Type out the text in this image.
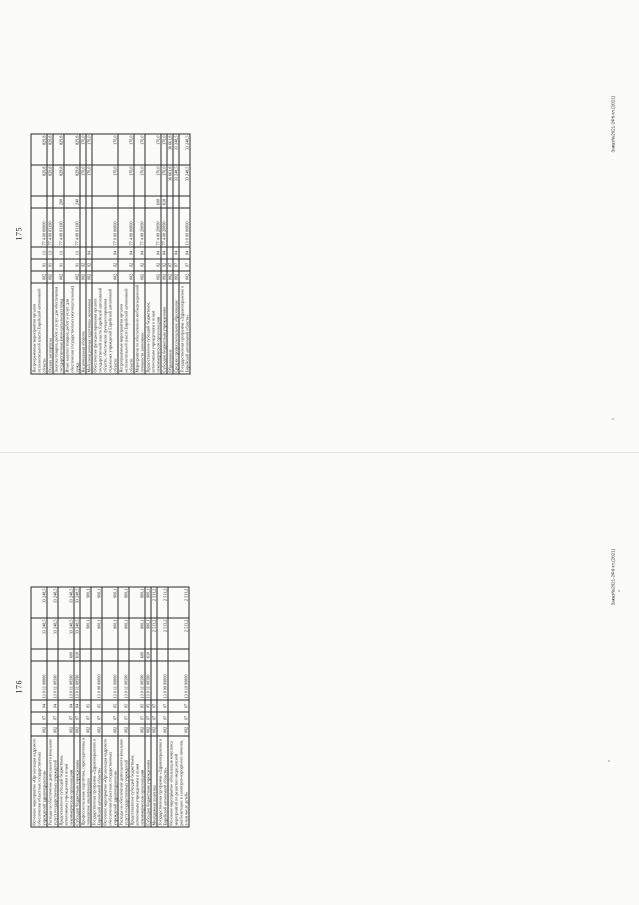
175
Непрограммные мероприятия органов исполнительной власти Еврейской автономной области	002	01	13	77 4 00 00000		829,8	829,8
Оплата экспертизы	002	01	13	77 4 00 03190		829,8	829,8
Закупка товаров, работ и услуг для обеспечения государственных (муниципальных) нужд	002	01	13	77 4 00 03190	200	829,8	829,8
Иные закупки товаров, работ и услуг для обеспечения государственных (муниципальных) нужд	002	01	13	77 4 00 03190	240	829,8	829,8
Национальная оборона	002	02				170,0	170,0
Мобилизационная подготовка экономики	002	02	04			170,0	170,0
Обеспечение функционирования органов государственной власти Еврейской автономной области, обеспечение функционирования отдельных учреждений Еврейской автономной области	002	02	04	77 0 00 00000		170,0	170,0
Непрограммные мероприятия органов исполнительной власти Еврейской автономной области	002	02	04	77 4 00 00000		170,0	170,0
Мероприятия по обеспечению мобилизационной готовности экономики	002	02	04	77 4 00 20090		170,0	170,0
Предоставление субсидий бюджетным, автономным учреждениям и иным некоммерческим организациям	002	02	04	77 4 00 20090	600	170,0	170,0
Субсидии бюджетным учреждениям	002	02	04	77 4 00 20090	610	170,0	170,0
Образование	002	07				36 661,8	36 661,8
Среднее профессиональное образование	002	07	04			33 248,5	33 248,5
Государственная программа «Здравоохранение в Еврейской автономной области»	002	07	04	13 0 00 00000		33 248,5	33 248,5	Заказ№2021-2ФК-гл.(2021)
176
Основное мероприятие «Организация кадрового обеспечения областных государственных учреждений здравоохранения»	002	07	04	13 0 11 00000		33 248,5	33 248,5
Расходы на обеспечение деятельности (оказание услуг) государственных учреждений	002	07	04	13 0 11 00590		33 248,5	33 248,5
Предоставление субсидий бюджетным, автономным учреждениям и иным некоммерческим организациям	002	07	04	13 0 11 00590	600	33 248,5	33 248,5
Субсидии бюджетным учреждениям	002	07	04	13 0 11 00590	610	33 248,5	33 248,5
Профессиональная подготовка, переподготовка и повышение квалификации	002	07	05			900,1	900,1
Государственная программа «Здравоохранение в Еврейской автономной области»	002	07	05	13 0 00 00000		900,1	900,1
Основное мероприятие «Организация кадрового обеспечения областных государственных учреждений здравоохранения»	002	07	05	13 0 11 00000		900,1	900,1
Расходы на обеспечение деятельности (оказание услуг) государственных учреждений	002	07	05	13 0 11 00590		900,1	900,1
Предоставление субсидий бюджетным, автономным учреждениям и иным некоммерческим организациям	002	07	05	13 0 11 00590	600	900,1	900,1
Субсидии бюджетным учреждениям	002	07	05	13 0 11 00590	610	900,1	900,1
Молодежная политика	002	07	07			2 513,2	2 513,2
Государственная программа «Здравоохранение в Еврейской автономной области»	002	07	07	13 0 00 00000		2 513,2	2 513,2
Основное мероприятие «Реализация комплекса мероприятий по развитию медицинской реабилитации и санаторно-курортного лечения, в том числе детей»	002	07	07	13 0 10 00000		2 513,2	2 513,2	Заказ№2021-2ФК-гл.(2021)
